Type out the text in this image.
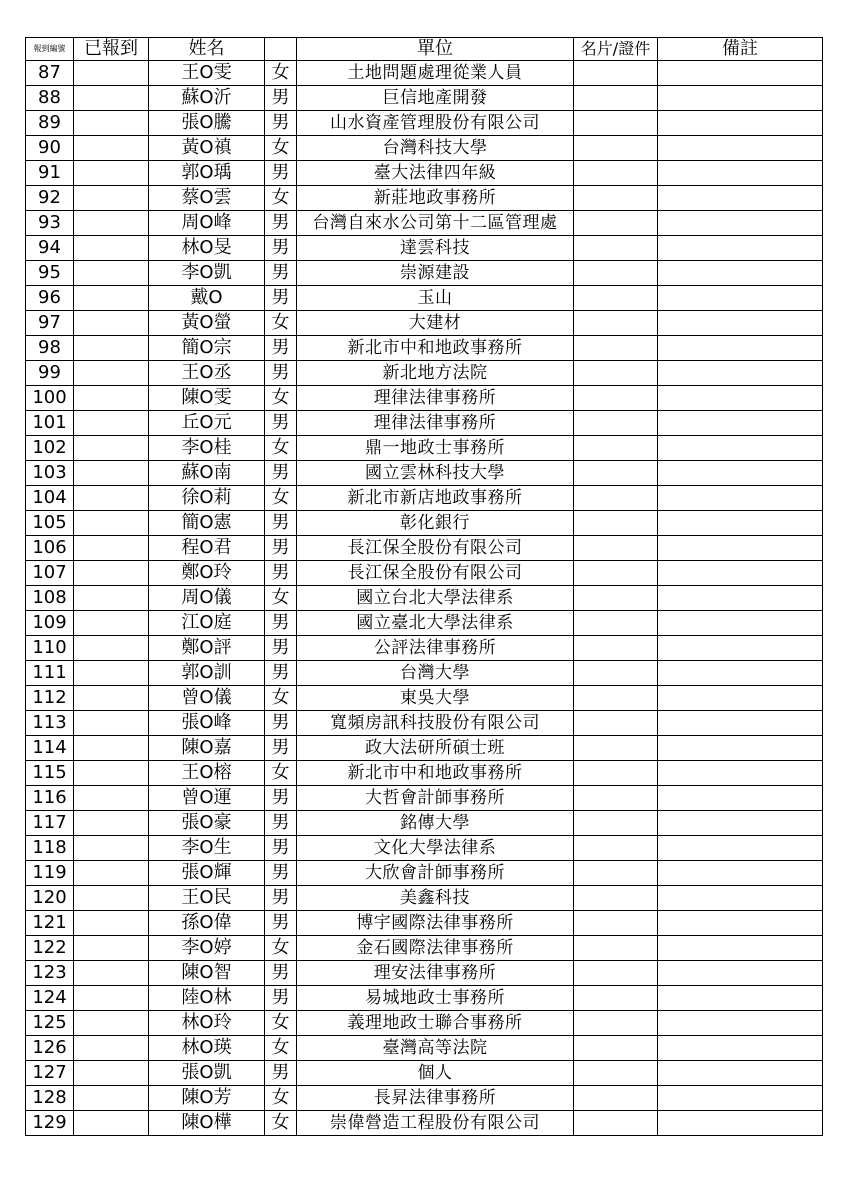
報到編號	已報到	姓名		單位	名片/證件	備註
87		王O雯	女	土地問題處理從業人員		
88		蘇O沂	男	巨信地產開發		
89		張O騰	男	山水資產管理股份有限公司		
90		黃O禛	女	台灣科技大學		
91		郭O瑀	男	臺大法律四年級		
92		蔡O雲	女	新莊地政事務所		
93		周O峰	男	台灣自來水公司第十二區管理處		
94		林O旻	男	達雲科技		
95		李O凱	男	崇源建設		
96		戴O	男	玉山		
97		黃O螢	女	大建材		
98		簡O宗	男	新北市中和地政事務所		
99		王O丞	男	新北地方法院		
100		陳O雯	女	理律法律事務所		
101		丘O元	男	理律法律事務所		
102		李O桂	女	鼎一地政士事務所		
103		蘇O南	男	國立雲林科技大學		
104		徐O莉	女	新北市新店地政事務所		
105		簡O憲	男	彰化銀行		
106		程O君	男	長江保全股份有限公司		
107		鄭O玲	男	長江保全股份有限公司		
108		周O儀	女	國立台北大學法律系		
109		江O庭	男	國立臺北大學法律系		
110		鄭O評	男	公評法律事務所		
111		郭O訓	男	台灣大學		
112		曾O儀	女	東吳大學		
113		張O峰	男	寬頻房訊科技股份有限公司		
114		陳O嘉	男	政大法研所碩士班		
115		王O榕	女	新北市中和地政事務所		
116		曾O運	男	大哲會計師事務所		
117		張O豪	男	銘傳大學		
118		李O生	男	文化大學法律系		
119		張O輝	男	大欣會計師事務所		
120		王O民	男	美鑫科技		
121		孫O偉	男	博宇國際法律事務所		
122		李O婷	女	金石國際法律事務所		
123		陳O智	男	理安法律事務所		
124		陸O林	男	易城地政士事務所		
125		林O玲	女	義理地政士聯合事務所		
126		林O瑛	女	臺灣高等法院		
127		張O凱	男	個人		
128		陳O芳	女	長昇法律事務所		
129		陳O樺	女	崇偉營造工程股份有限公司		
